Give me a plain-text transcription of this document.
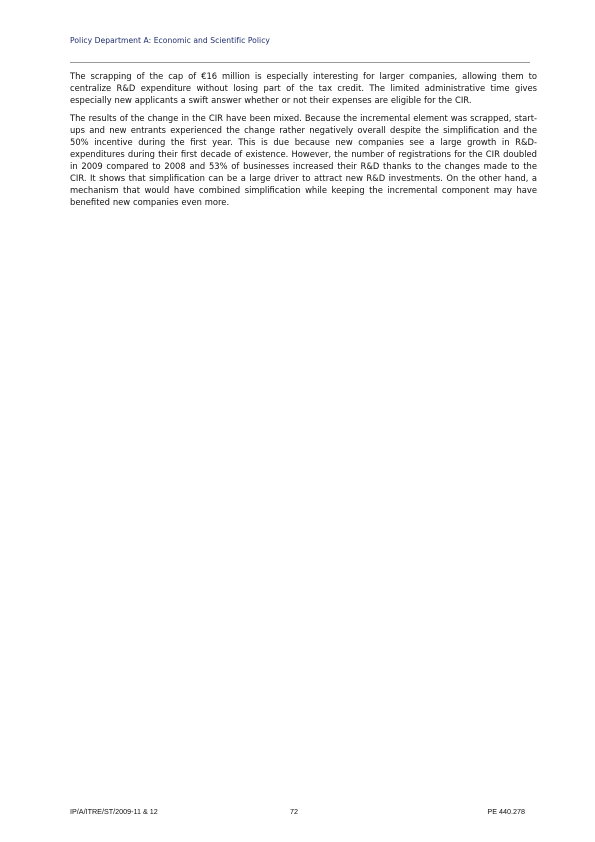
Policy Department A: Economic and Scientific Policy

The scrapping of the cap of €16 million is especially interesting for larger companies, allowing them to centralize R&D expenditure without losing part of the tax credit. The limited administrative time gives especially new applicants a swift answer whether or not their expenses are eligible for the CIR.

The results of the change in the CIR have been mixed. Because the incremental element was scrapped, start-ups and new entrants experienced the change rather negatively overall despite the simplification and the 50% incentive during the first year. This is due because new companies see a large growth in R&D-expenditures during their first decade of existence. However, the number of registrations for the CIR doubled in 2009 compared to 2008 and 53% of businesses increased their R&D thanks to the changes made to the CIR. It shows that simplification can be a large driver to attract new R&D investments. On the other hand, a mechanism that would have combined simplification while keeping the incremental component may have benefited new companies even more.

IP/A/ITRE/ST/2009-11 & 12	72	PE 440.278
